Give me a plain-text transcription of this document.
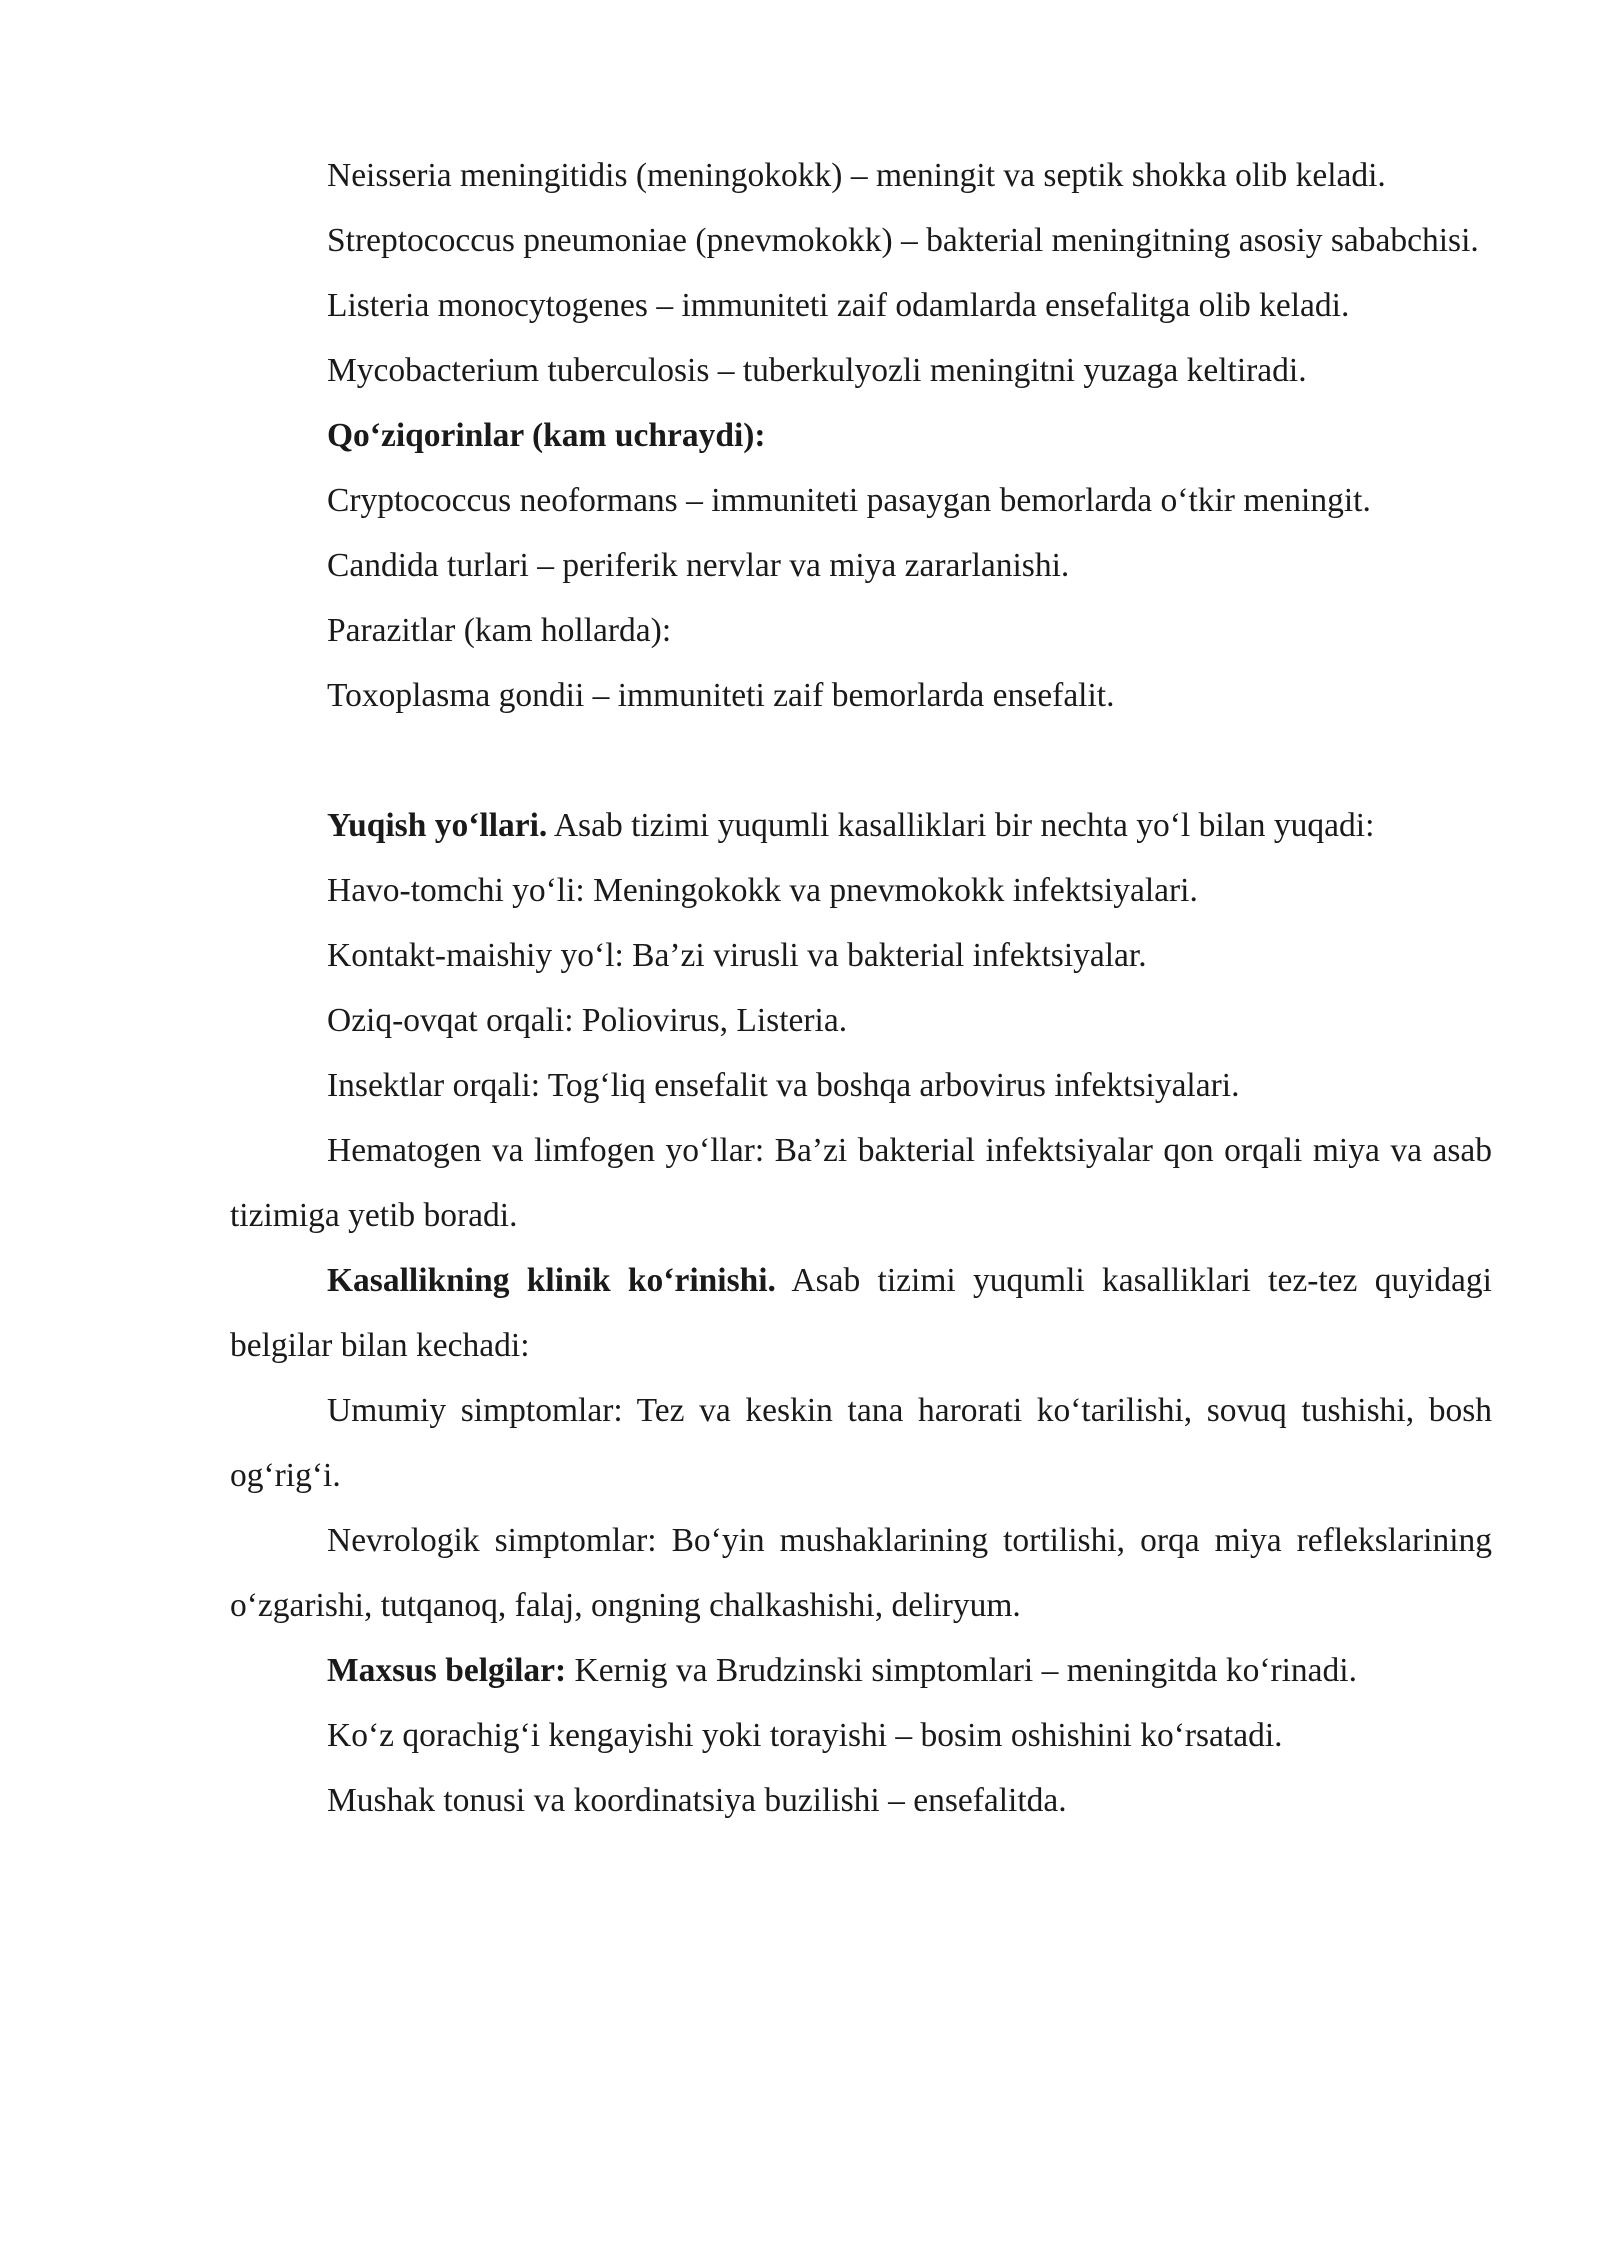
Neisseria meningitidis (meningokokk) – meningit va septik shokka olib keladi.

Streptococcus pneumoniae (pnevmokokk) – bakterial meningitning asosiy sababchisi.

Listeria monocytogenes – immuniteti zaif odamlarda ensefalitga olib keladi.

Mycobacterium tuberculosis – tuberkulyozli meningitni yuzaga keltiradi.

Qo‘ziqorinlar (kam uchraydi):

Cryptococcus neoformans – immuniteti pasaygan bemorlarda o‘tkir meningit.

Candida turlari – periferik nervlar va miya zararlanishi.

Parazitlar (kam hollarda):

Toxoplasma gondii – immuniteti zaif bemorlarda ensefalit.

Yuqish yo‘llari. Asab tizimi yuqumli kasalliklari bir nechta yo‘l bilan yuqadi:

Havo-tomchi yo‘li: Meningokokk va pnevmokokk infektsiyalari.

Kontakt-maishiy yo‘l: Ba’zi virusli va bakterial infektsiyalar.

Oziq-ovqat orqali: Poliovirus, Listeria.

Insektlar orqali: Tog‘liq ensefalit va boshqa arbovirus infektsiyalari.

Hematogen va limfogen yo‘llar: Ba’zi bakterial infektsiyalar qon orqali miya va asab tizimiga yetib boradi.

Kasallikning klinik ko‘rinishi. Asab tizimi yuqumli kasalliklari tez-tez quyidagi belgilar bilan kechadi:

Umumiy simptomlar: Tez va keskin tana harorati ko‘tarilishi, sovuq tushishi, bosh og‘rig‘i.

Nevrologik simptomlar: Bo‘yin mushaklarining tortilishi, orqa miya reflekslarining o‘zgarishi, tutqanoq, falaj, ongning chalkashishi, deliryum.

Maxsus belgilar: Kernig va Brudzinski simptomlari – meningitda ko‘rinadi.

Ko‘z qorachig‘i kengayishi yoki torayishi – bosim oshishini ko‘rsatadi.

Mushak tonusi va koordinatsiya buzilishi – ensefalitda.
